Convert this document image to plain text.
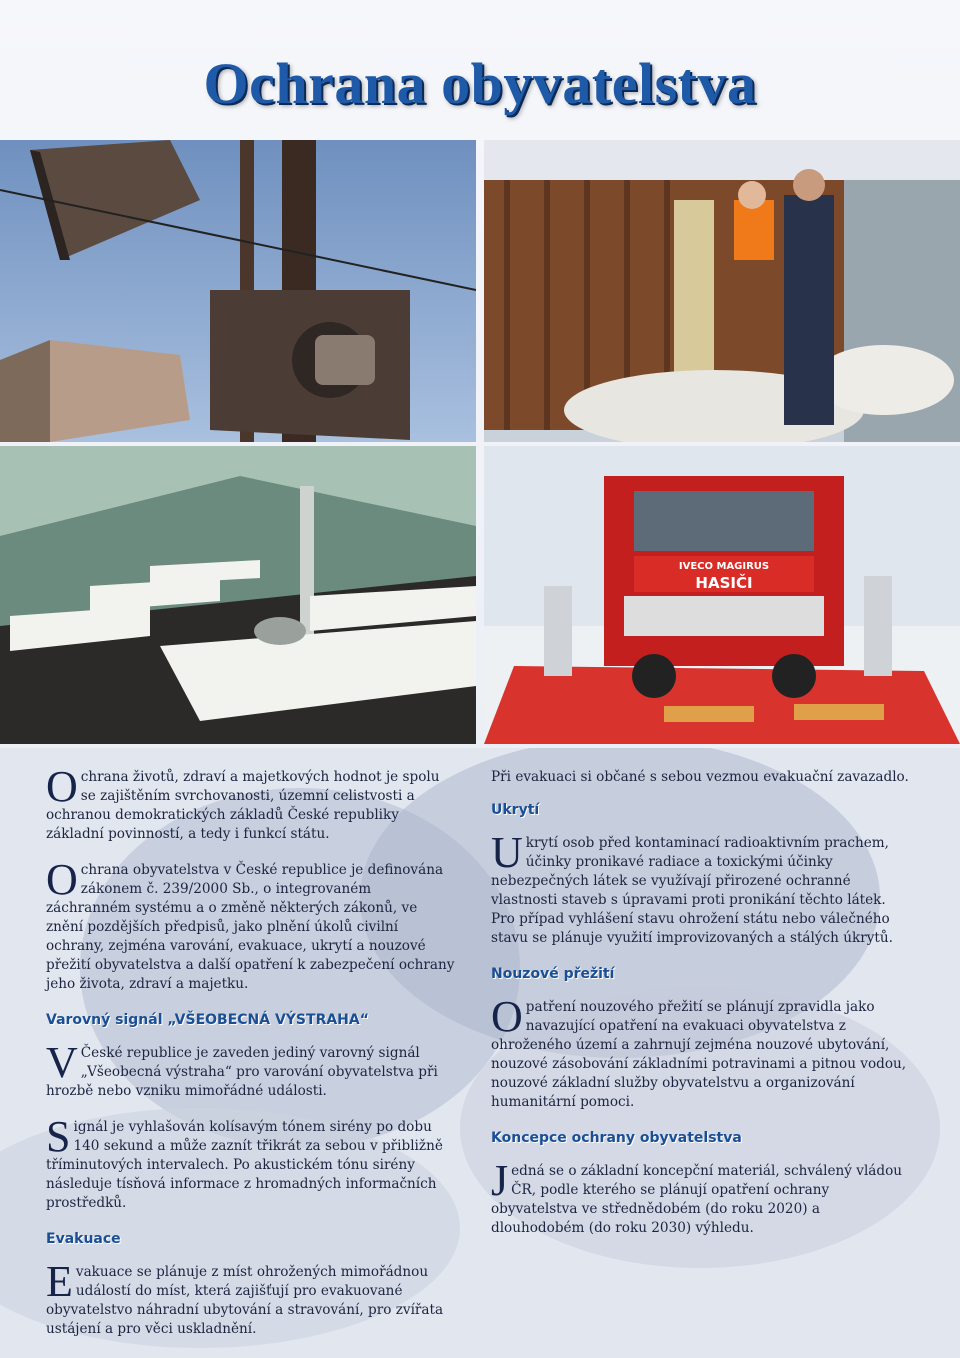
Ochrana obyvatelstva
IVECO MAGIRUS
HASIČI

Ochrana životů, zdraví a majetkových hodnot je spolu se zajištěním svrchovanosti, územní celistvosti a ochranou demokratických základů České republiky základní povinností, a tedy i funkcí státu.

Ochrana obyvatelstva v České republice je definována zákonem č. 239/2000 Sb., o integrovaném záchranném systému a o změně některých zákonů, ve znění pozdějších předpisů, jako plnění úkolů civilní ochrany, zejména varování, evakuace, ukrytí a nouzové přežití obyvatelstva a další opatření k zabezpečení ochrany jeho života, zdraví a majetku.

Varovný signál „VŠEOBECNÁ VÝSTRAHA“

VČeské republice je zaveden jediný varovný signál „Všeobecná výstraha“ pro varování obyvatelstva při hrozbě nebo vzniku mimořádné události.

Signál je vyhlašován kolísavým tónem sirény po dobu 140 sekund a může zaznít třikrát za sebou v přibližně tříminutových intervalech. Po akustickém tónu sirény následuje tísňová informace z hromadných informačních prostředků.

Evakuace

Evakuace se plánuje z míst ohrožených mimořádnou událostí do míst, která zajišťují pro evakuované obyvatelstvo náhradní ubytování a stravování, pro zvířata ustájení a pro věci uskladnění.

Při evakuaci si občané s sebou vezmou evakuační zavazadlo.

Ukrytí

Ukrytí osob před kontaminací radioaktivním prachem, účinky pronikavé radiace a toxickými účinky nebezpečných látek se využívají přirozené ochranné vlastnosti staveb s úpravami proti pronikání těchto látek. Pro případ vyhlášení stavu ohrožení státu nebo válečného stavu se plánuje využití improvizovaných a stálých úkrytů.

Nouzové přežití

Opatření nouzového přežití se plánují zpravidla jako navazující opatření na evakuaci obyvatelstva z ohroženého území a zahrnují zejména nouzové ubytování, nouzové zásobování základními potravinami a pitnou vodou, nouzové základní služby obyvatelstvu a organizování humanitární pomoci.

Koncepce ochrany obyvatelstva

Jedná se o základní koncepční materiál, schválený vládou ČR, podle kterého se plánují opatření ochrany obyvatelstva ve střednědobém (do roku 2020) a dlouhodobém (do roku 2030) výhledu.
